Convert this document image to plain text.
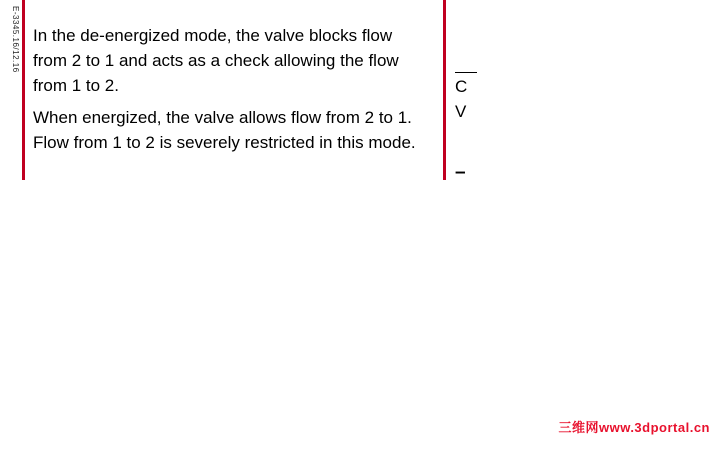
E-3345.16/12.16 In the de-energized mode, the valve blocks flow from 2 to 1 and acts as a check allowing the flow from 1 to 2.

When energized, the valve allows flow from 2 to 1. Flow from 1 to 2 is severely restricted in this mode.

C
V
–
三维网www.3dportal.cn
